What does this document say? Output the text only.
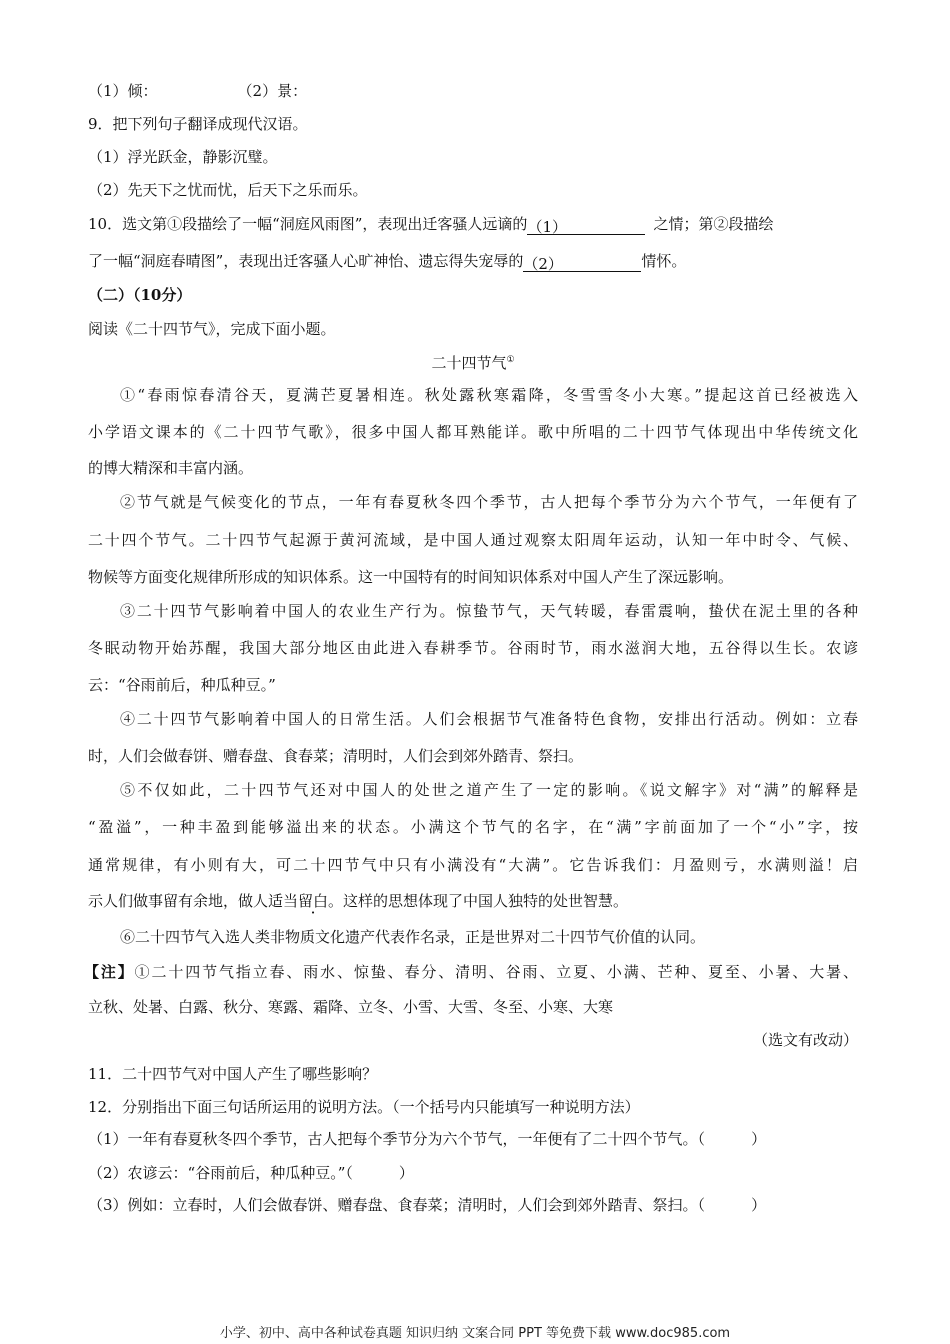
（1）倾：	（2）景：
9．把下列句子翻译成现代汉语。
（1）浮光跃金，静影沉璧。
（2）先天下之忧而忧，后天下之乐而乐。
10．选文第①段描绘了一幅“洞庭风雨图”，表现出迁客骚人远谪的（1）	之情；第②段描绘
了一幅“洞庭春晴图”，表现出迁客骚人心旷神怡、遗忘得失宠辱的（2）	情怀。
（二）（10分）
阅读《二十四节气》，完成下面小题。
二十四节气①
①“春雨惊春清谷天，夏满芒夏暑相连。秋处露秋寒霜降，冬雪雪冬小大寒。”提起这首已经被选入
小学语文课本的《二十四节气歌》，很多中国人都耳熟能详。歌中所唱的二十四节气体现出中华传统文化
的博大精深和丰富内涵。
②节气就是气候变化的节点，一年有春夏秋冬四个季节，古人把每个季节分为六个节气，一年便有了
二十四个节气。二十四节气起源于黄河流域，是中国人通过观察太阳周年运动，认知一年中时令、气候、
物候等方面变化规律所形成的知识体系。这一中国特有的时间知识体系对中国人产生了深远影响。
③二十四节气影响着中国人的农业生产行为。惊蛰节气，天气转暖，春雷震响，蛰伏在泥土里的各种
冬眠动物开始苏醒，我国大部分地区由此进入春耕季节。谷雨时节，雨水滋润大地，五谷得以生长。农谚
云：“谷雨前后，种瓜种豆。”
④二十四节气影响着中国人的日常生活。人们会根据节气准备特色食物，安排出行活动。例如：立春
时，人们会做春饼、赠春盘、食春菜；清明时，人们会到郊外踏青、祭扫。
⑤不仅如此，二十四节气还对中国人的处世之道产生了一定的影响。《说文解字》对“满”的解释是
“盈溢”，一种丰盈到能够溢出来的状态。小满这个节气的名字，在“满”字前面加了一个“小”字，按
通常规律，有小则有大，可二十四节气中只有小满没有“大满”。它告诉我们：月盈则亏，水满则溢！启
示人们做事留有余地，做人适当留白。这样的思想体现了中国人独特的处世智慧。
⑥二十四节气入选人类非物质文化遗产代表作名录，正是世界对二十四节气价值的认同。
【注】①二十四节气指立春、雨水、惊蛰、春分、清明、谷雨、立夏、小满、芒种、夏至、小暑、大暑、
立秋、处暑、白露、秋分、寒露、霜降、立冬、小雪、大雪、冬至、小寒、大寒
（选文有改动）
11．二十四节气对中国人产生了哪些影响？
12．分别指出下面三句话所运用的说明方法。（一个括号内只能填写一种说明方法）
（1）一年有春夏秋冬四个季节，古人把每个季节分为六个节气，一年便有了二十四个节气。（	）
（2）农谚云：“谷雨前后，种瓜种豆。”（	）
（3）例如：立春时，人们会做春饼、赠春盘、食春菜；清明时，人们会到郊外踏青、祭扫。（	）
小学、初中、高中各种试卷真题 知识归纳 文案合同 PPT 等免费下载 www.doc985.com
